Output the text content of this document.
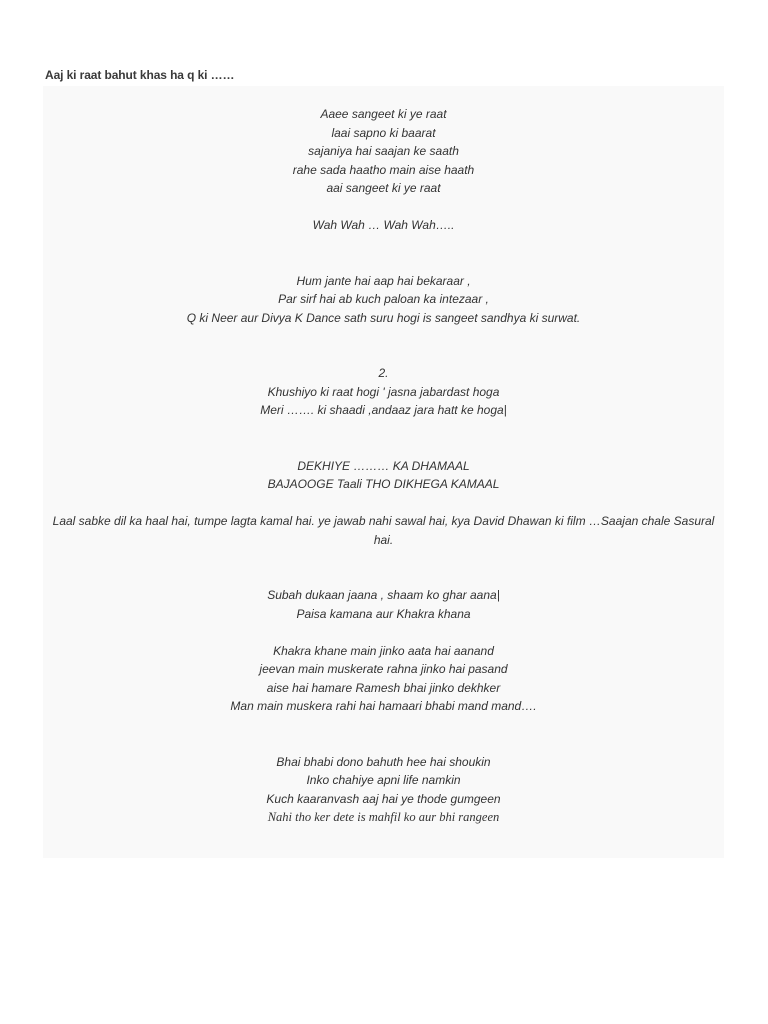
Aaj ki raat bahut khas ha q ki ……
Aaee sangeet ki ye raat
laai sapno ki baarat
sajaniya hai saajan ke saath
rahe sada haatho main aise haath
aai sangeet ki ye raat
Wah Wah … Wah Wah…..
Hum jante hai aap hai bekaraar ,
Par sirf hai ab kuch paloan ka intezaar ,
Q ki Neer aur Divya K Dance sath suru hogi is sangeet sandhya ki surwat.
2.
Khushiyo ki raat hogi ' jasna jabardast hoga
Meri ……. ki shaadi ,andaaz jara hatt ke hoga|
DEKHIYE ……… KA DHAMAAL
BAJAOOGE Taali THO DIKHEGA KAMAAL
Laal sabke dil ka haal hai, tumpe lagta kamal hai. ye jawab nahi sawal hai, kya David Dhawan ki film …Saajan chale Sasural hai.
Subah dukaan jaana , shaam ko ghar aana|
Paisa kamana aur Khakra khana
Khakra khane main jinko aata hai aanand
jeevan main muskerate rahna jinko hai pasand
aise hai hamare Ramesh bhai jinko dekhker
Man main muskera rahi hai hamaari bhabi mand mand….
Bhai bhabi dono bahuth hee hai shoukin
Inko chahiye apni life namkin
Kuch kaaranvash aaj hai ye thode gumgeen
Nahi tho ker dete is mahfil ko aur bhi rangeen
